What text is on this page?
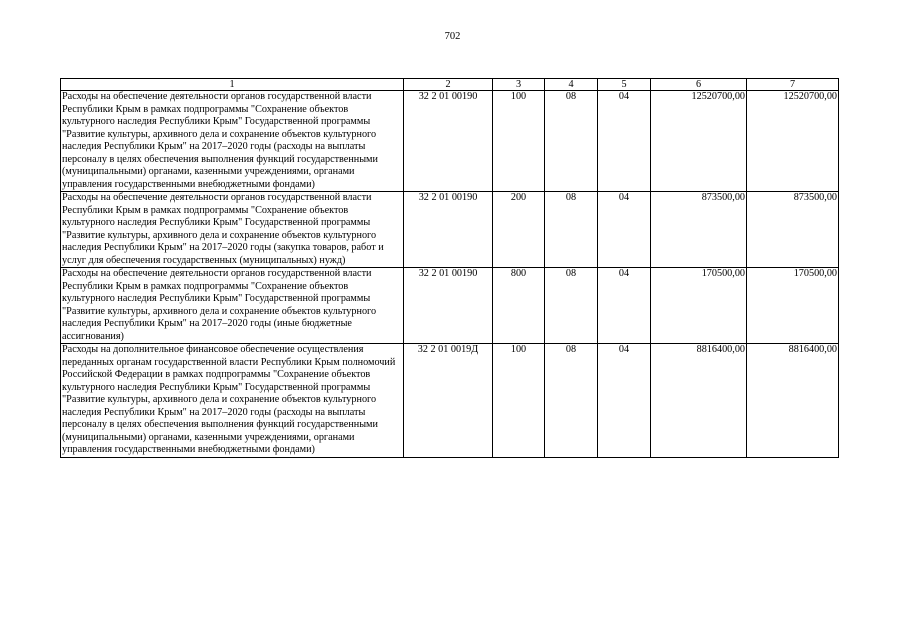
702
1	2	3	4	5	6	7
Расходы на обеспечение деятельности органов государственной власти Республики Крым в рамках подпрограммы "Сохранение объектов культурного наследия Республики Крым" Государственной программы "Развитие культуры, архивного дела и сохранение объектов культурного наследия Республики Крым" на 2017–2020 годы (расходы на выплаты персоналу в целях обеспечения выполнения функций государственными (муниципальными) органами, казенными учреждениями, органами управления государственными внебюджетными фондами)	32 2 01 00190	100	08	04	12520700,00	12520700,00
Расходы на обеспечение деятельности органов государственной власти Республики Крым в рамках подпрограммы "Сохранение объектов культурного наследия Республики Крым" Государственной программы "Развитие культуры, архивного дела и сохранение объектов культурного наследия Республики Крым" на 2017–2020 годы (закупка товаров, работ и услуг для обеспечения государственных (муниципальных) нужд)	32 2 01 00190	200	08	04	873500,00	873500,00
Расходы на обеспечение деятельности органов государственной власти Республики Крым в рамках подпрограммы "Сохранение объектов культурного наследия Республики Крым" Государственной программы "Развитие культуры, архивного дела и сохранение объектов культурного наследия Республики Крым" на 2017–2020 годы (иные бюджетные ассигнования)	32 2 01 00190	800	08	04	170500,00	170500,00
Расходы на дополнительное финансовое обеспечение осуществления переданных органам государственной власти Республики Крым полномочий Российской Федерации в рамках подпрограммы "Сохранение объектов культурного наследия Республики Крым" Государственной программы "Развитие культуры, архивного дела и сохранение объектов культурного наследия Республики Крым" на 2017–2020 годы (расходы на выплаты персоналу в целях обеспечения выполнения функций государственными (муниципальными) органами, казенными учреждениями, органами управления государственными внебюджетными фондами)	32 2 01 0019Д	100	08	04	8816400,00	8816400,00
